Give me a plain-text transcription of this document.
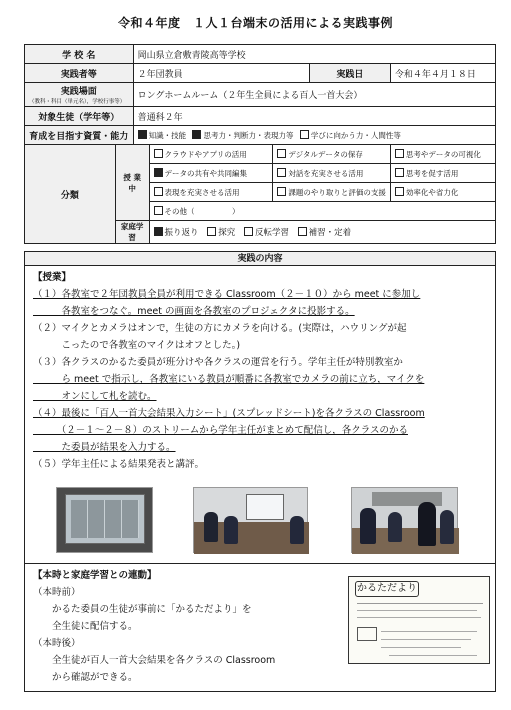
令和４年度　１人１台端末の活用による実践事例
学 校 名		岡山県立倉敷青陵高等学校				
実践者等		２年団教員			実践日	令和４年４月１８日
実践場面
（教科・科目（単元名），学校行事等）		ロングホームルーム（２年生全員による百人一首大会）				
対象生徒（学年等）		普通科２年				
育成を目指す資質・能力		知識・技能 思考力・判断力・表現力等 学びに向かう力・人間性等				
分類	授 業 中		クラウドやアプリの活用	デジタルデータの保存		思考やデータの可視化
			データの共有や共同編集	対話を充実させる活用		思考を促す活用
			表現を充実させる活用	課題のやり取りと評価の支援		効率化や省力化
			その他（　　　　　）			
	家庭学習		振り返り 探究 反転学習 補習・定着			
実践の内容
【授業】
（１）各教室で２年団教員全員が利用できる Classroom（２－１０）から meet に参加し
　　　各教室をつなぐ。meet の画面を各教室のプロジェクタに投影する。
（２）マイクとカメラはオンで，生徒の方にカメラを向ける。(実際は，ハウリングが起
　　　こったので各教室のマイクはオフとした。)
（３）各クラスのかるた委員が班分けや各クラスの運営を行う。学年主任が特別教室か
　　　ら meet で指示し，各教室にいる教員が順番に各教室でカメラの前に立ち，マイクを
　　　オンにして札を読む。
（４）最後に「百人一首大会結果入力シート」(スプレッドシート)を各クラスの Classroom
　　　（２－１～２－８）のストリームから学年主任がまとめて配信し，各クラスのかる
　　　た委員が結果を入力する。
（５）学年主任による結果発表と講評。
【本時と家庭学習との連動】
（本時前）
　　かるた委員の生徒が事前に「かるただより」を
　　全生徒に配信する。
（本時後）
　　全生徒が百人一首大会結果を各クラスの Classroom
　　から確認ができる。
かるただより
